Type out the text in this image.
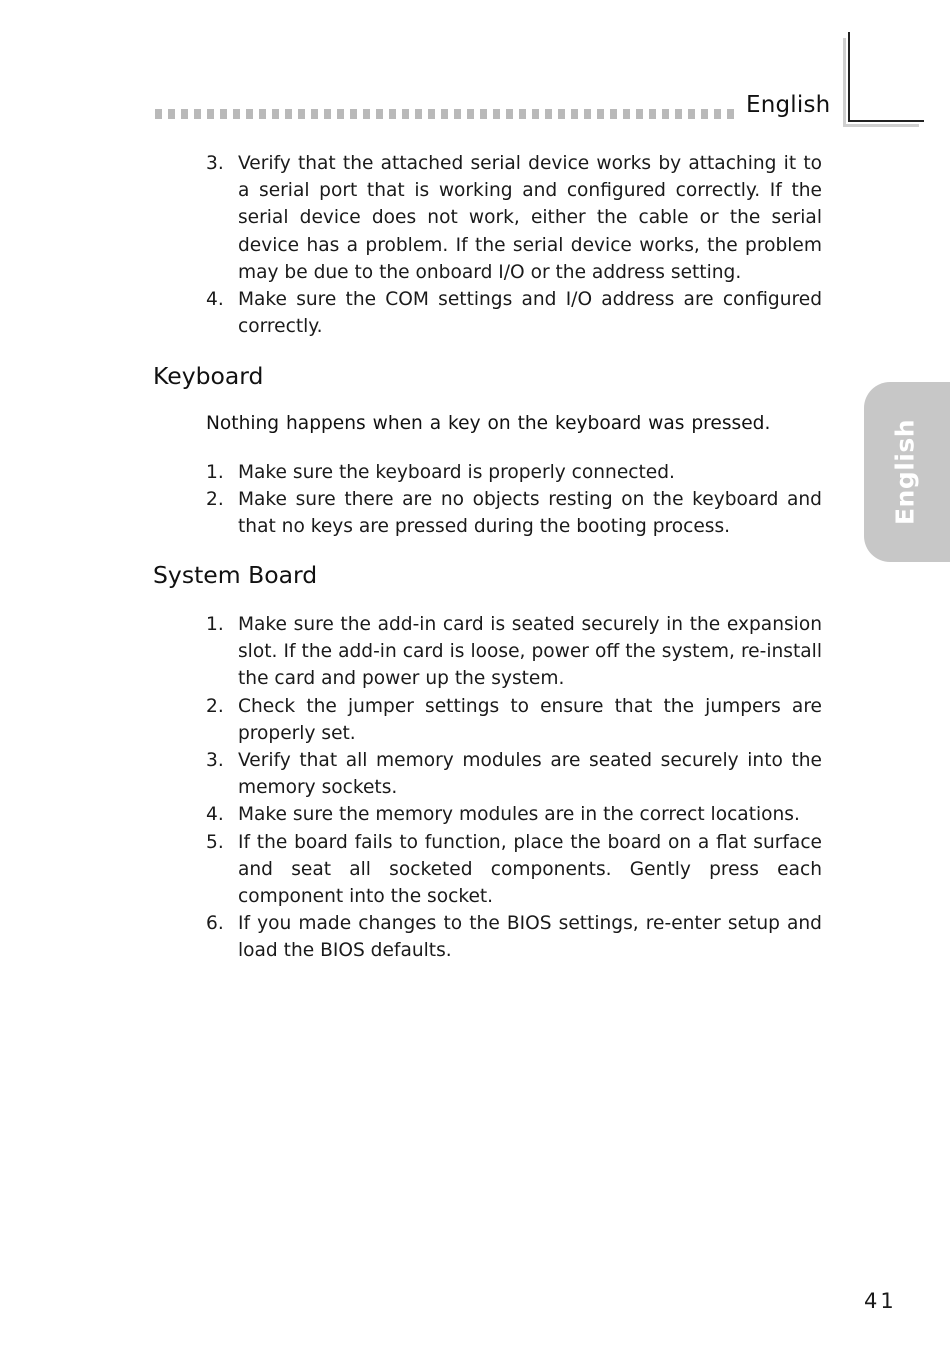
English
English
3. Verify that the attached serial device works by attaching it to a serial port that is working and configured correctly. If the serial device does not work, either the cable or the serial device has a problem. If the serial device works, the problem may be due to the onboard I/O or the address setting.
4. Make sure the COM settings and I/O address are configured correctly.
Keyboard
Nothing happens when a key on the keyboard was pressed.
1. Make sure the keyboard is properly connected.
2. Make sure there are no objects resting on the keyboard and that no keys are pressed during the booting process.
System Board
1. Make sure the add-in card is seated securely in the expansion slot. If the add-in card is loose, power off the system, re-install the card and power up the system.
2. Check the jumper settings to ensure that the jumpers are properly set.
3. Verify that all memory modules are seated securely into the memory sockets.
4. Make sure the memory modules are in the correct locations.
5. If the board fails to function, place the board on a flat surface and seat all socketed components. Gently press each component into the socket.
6. If you made changes to the BIOS settings, re-enter setup and load the BIOS defaults.
41
